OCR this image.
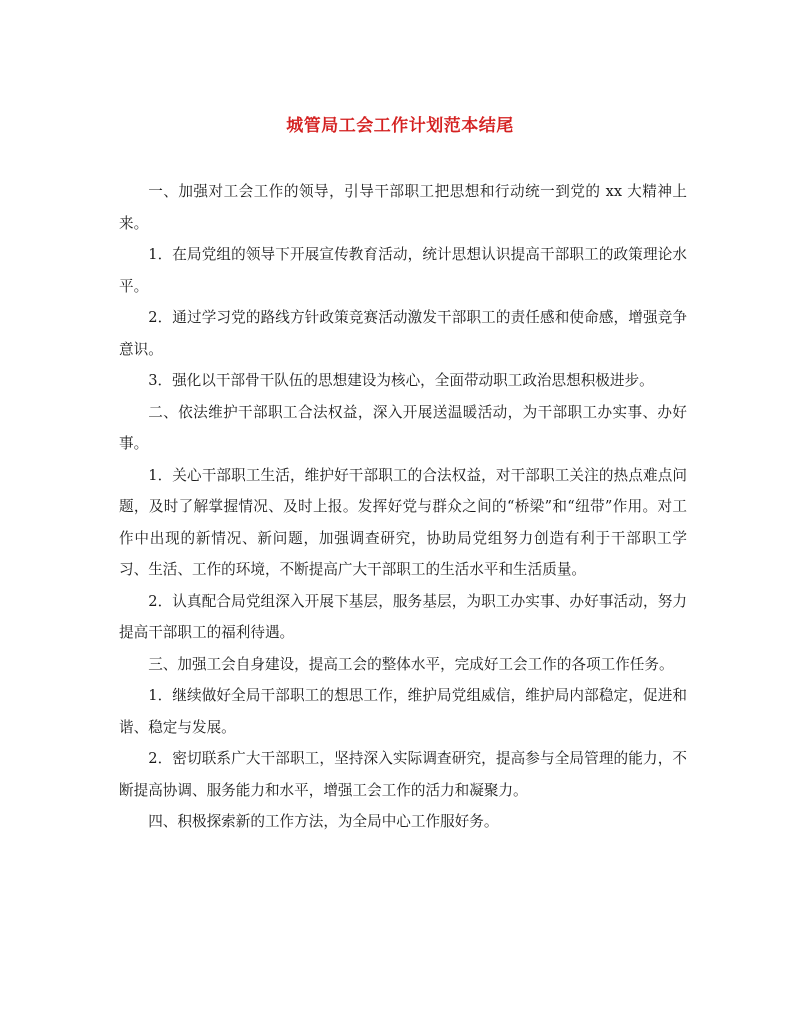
城管局工会工作计划范本结尾

一、加强对工会工作的领导，引导干部职工把思想和行动统一到党的 xx 大精神上来。

1．在局党组的领导下开展宣传教育活动，统计思想认识提高干部职工的政策理论水平。

2．通过学习党的路线方针政策竞赛活动激发干部职工的责任感和使命感，增强竞争意识。

3．强化以干部骨干队伍的思想建设为核心，全面带动职工政治思想积极进步。

二、依法维护干部职工合法权益，深入开展送温暖活动，为干部职工办实事、办好事。

1．关心干部职工生活，维护好干部职工的合法权益，对干部职工关注的热点难点问题，及时了解掌握情况、及时上报。发挥好党与群众之间的“桥梁”和“纽带”作用。对工作中出现的新情况、新问题，加强调查研究，协助局党组努力创造有利于干部职工学习、生活、工作的环境，不断提高广大干部职工的生活水平和生活质量。

2．认真配合局党组深入开展下基层，服务基层，为职工办实事、办好事活动，努力提高干部职工的福利待遇。

三、加强工会自身建设，提高工会的整体水平，完成好工会工作的各项工作任务。

1．继续做好全局干部职工的想思工作，维护局党组威信，维护局内部稳定，促进和谐、稳定与发展。

2．密切联系广大干部职工，坚持深入实际调查研究，提高参与全局管理的能力，不断提高协调、服务能力和水平，增强工会工作的活力和凝聚力。

四、积极探索新的工作方法，为全局中心工作服好务。
